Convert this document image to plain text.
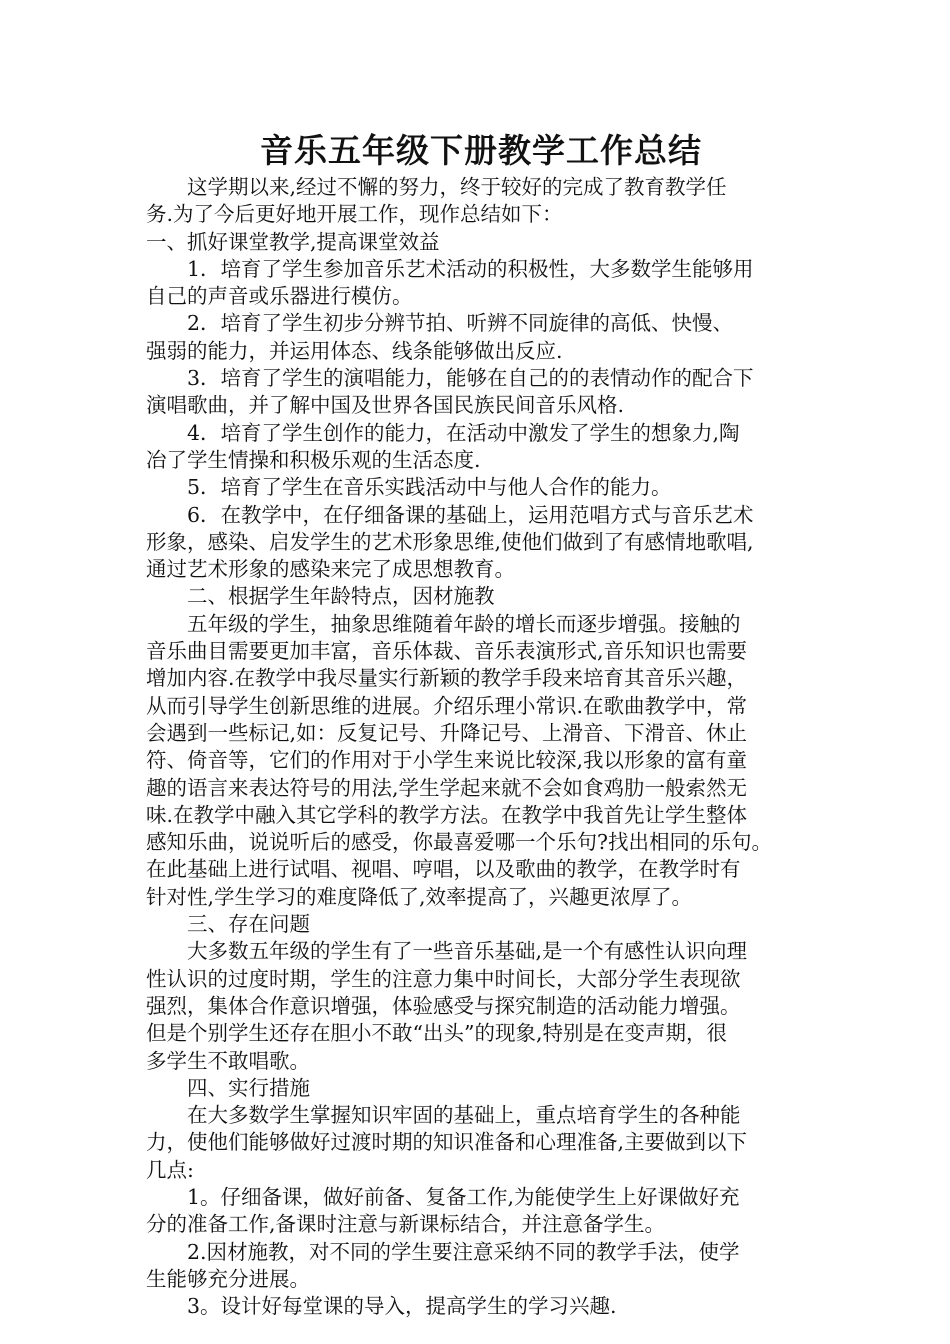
音乐五年级下册教学工作总结
　　这学期以来,经过不懈的努力，终于较好的完成了教育教学任
务.为了今后更好地开展工作，现作总结如下：
一、抓好课堂教学,提高课堂效益
　　1．培育了学生参加音乐艺术活动的积极性，大多数学生能够用
自己的声音或乐器进行模仿。
　　2．培育了学生初步分辨节拍、听辨不同旋律的高低、快慢、
强弱的能力，并运用体态、线条能够做出反应.
　　3．培育了学生的演唱能力，能够在自己的的表情动作的配合下
演唱歌曲，并了解中国及世界各国民族民间音乐风格.
　　4．培育了学生创作的能力，在活动中激发了学生的想象力,陶
冶了学生情操和积极乐观的生活态度.
　　5．培育了学生在音乐实践活动中与他人合作的能力。
　　6．在教学中，在仔细备课的基础上，运用范唱方式与音乐艺术
形象，感染、启发学生的艺术形象思维,使他们做到了有感情地歌唱,
通过艺术形象的感染来完了成思想教育。
　　二、根据学生年龄特点，因材施教
　　五年级的学生，抽象思维随着年龄的增长而逐步增强。接触的
音乐曲目需要更加丰富，音乐体裁、音乐表演形式,音乐知识也需要
增加内容.在教学中我尽量实行新颖的教学手段来培育其音乐兴趣，
从而引导学生创新思维的进展。介绍乐理小常识.在歌曲教学中，常
会遇到一些标记,如：反复记号、升降记号、上滑音、下滑音、休止
符、倚音等，它们的作用对于小学生来说比较深,我以形象的富有童
趣的语言来表达符号的用法,学生学起来就不会如食鸡肋一般索然无
味.在教学中融入其它学科的教学方法。在教学中我首先让学生整体
感知乐曲，说说听后的感受，你最喜爱哪一个乐句?找出相同的乐句。
在此基础上进行试唱、视唱、哼唱，以及歌曲的教学，在教学时有
针对性,学生学习的难度降低了,效率提高了，兴趣更浓厚了。
　　三、存在问题
　　大多数五年级的学生有了一些音乐基础,是一个有感性认识向理
性认识的过度时期，学生的注意力集中时间长，大部分学生表现欲
强烈，集体合作意识增强，体验感受与探究制造的活动能力增强。
但是个别学生还存在胆小不敢“出头”的现象,特别是在变声期，很
多学生不敢唱歌。
　　四、实行措施
　　在大多数学生掌握知识牢固的基础上，重点培育学生的各种能
力，使他们能够做好过渡时期的知识准备和心理准备,主要做到以下
几点:
　　1。仔细备课，做好前备、复备工作,为能使学生上好课做好充
分的准备工作,备课时注意与新课标结合，并注意备学生。
　　2.因材施教，对不同的学生要注意采纳不同的教学手法，使学
生能够充分进展。
　　3。设计好每堂课的导入，提高学生的学习兴趣.
